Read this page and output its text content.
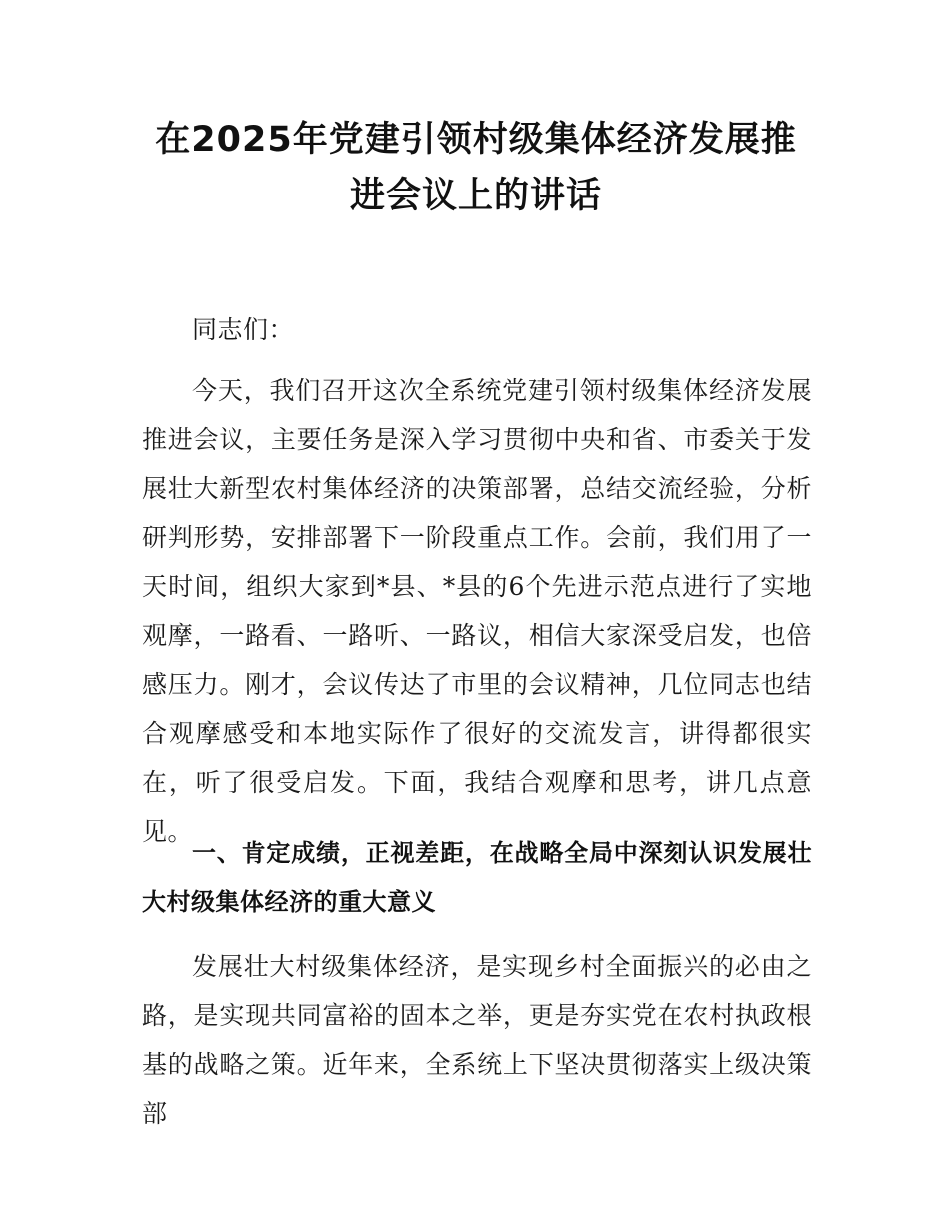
在2025年党建引领村级集体经济发展推进会议上的讲话

同志们：

今天，我们召开这次全系统党建引领村级集体经济发展推进会议，主要任务是深入学习贯彻中央和省、市委关于发展壮大新型农村集体经济的决策部署，总结交流经验，分析研判形势，安排部署下一阶段重点工作。会前，我们用了一天时间，组织大家到*县、*县的6个先进示范点进行了实地观摩，一路看、一路听、一路议，相信大家深受启发，也倍感压力。刚才，会议传达了市里的会议精神，几位同志也结合观摩感受和本地实际作了很好的交流发言，讲得都很实在，听了很受启发。下面，我结合观摩和思考，讲几点意见。

一、肯定成绩，正视差距，在战略全局中深刻认识发展壮大村级集体经济的重大意义

发展壮大村级集体经济，是实现乡村全面振兴的必由之路，是实现共同富裕的固本之举，更是夯实党在农村执政根基的战略之策。近年来，全系统上下坚决贯彻落实上级决策部
